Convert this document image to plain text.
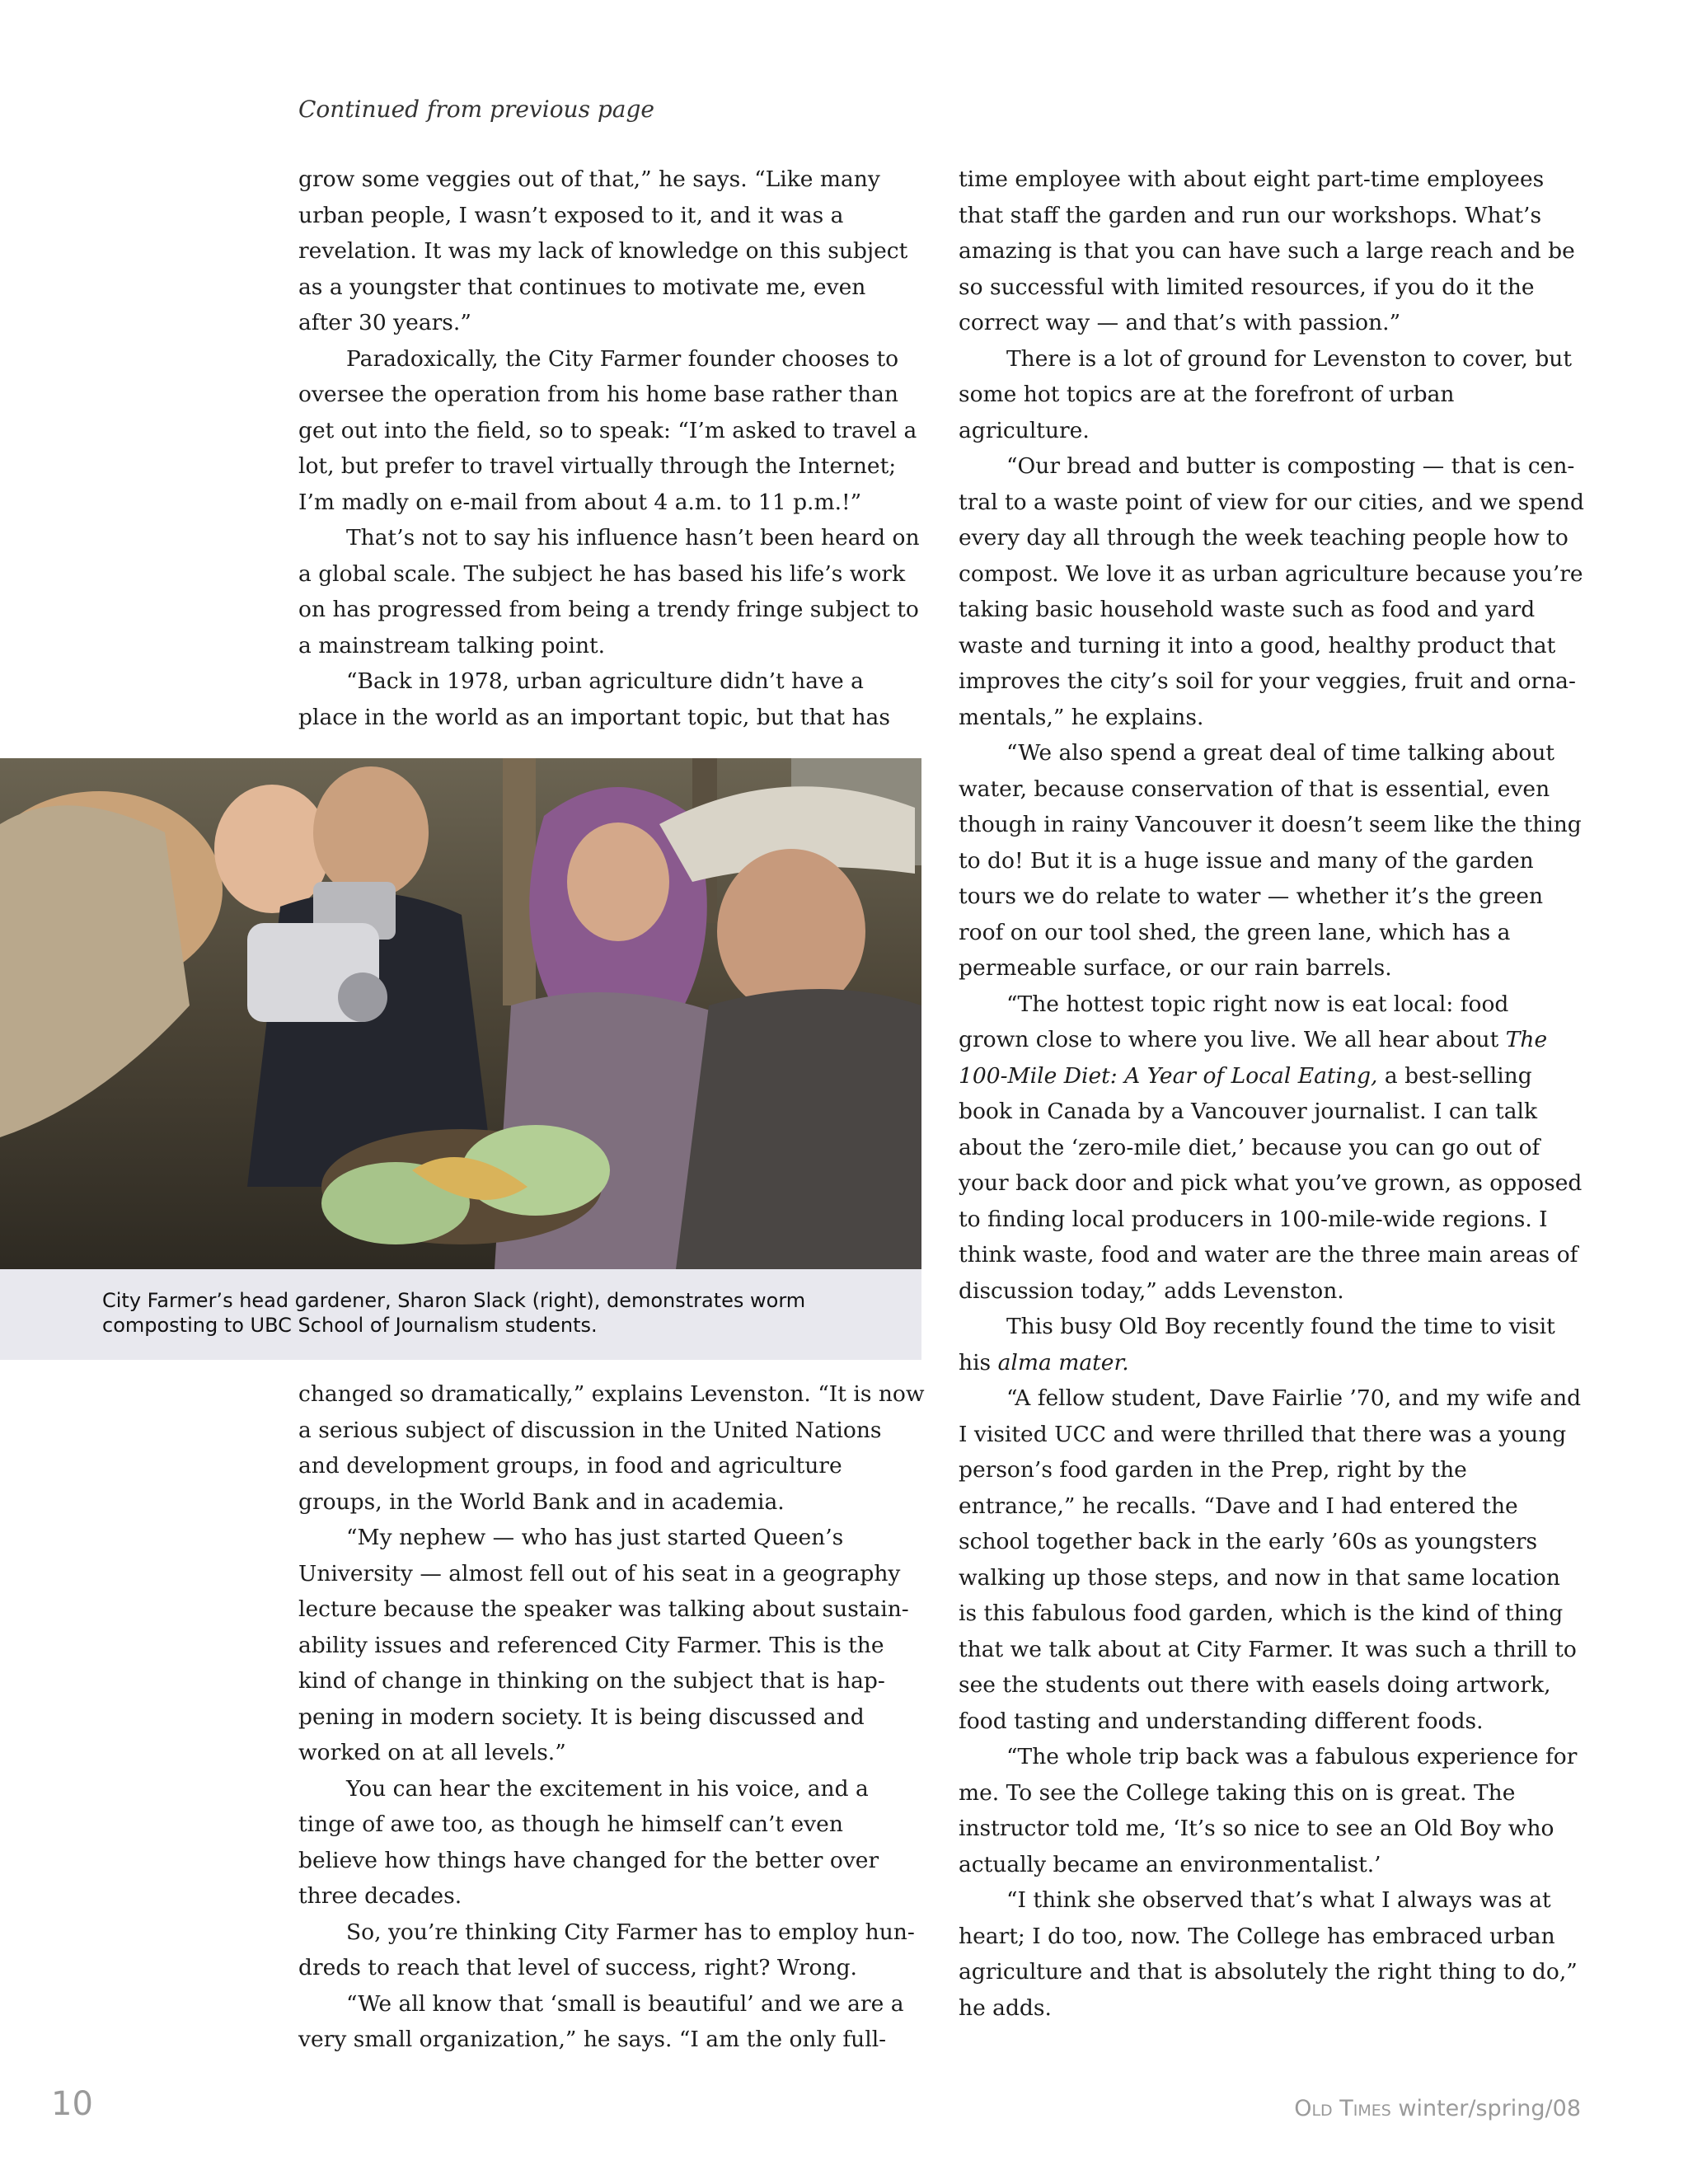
Continued from previous page

grow some veggies out of that,” he says. “Like many urban people, I wasn’t exposed to it, and it was a revelation. It was my lack of knowledge on this subject as a youngster that continues to motivate me, even after 30 years.”

Paradoxically, the City Farmer founder chooses to oversee the operation from his home base rather than get out into the field, so to speak: “I’m asked to travel a lot, but prefer to travel virtually through the Internet; I’m madly on e-mail from about 4 a.m. to 11 p.m.!”

That’s not to say his influence hasn’t been heard on a global scale. The subject he has based his life’s work on has progressed from being a trendy fringe subject to a mainstream talking point.

“Back in 1978, urban agriculture didn’t have a place in the world as an important topic, but that has

City Farmer’s head gardener, Sharon Slack (right), demonstrates worm composting to UBC School of Journalism students.

changed so dramatically,” explains Levenston. “It is now a serious subject of discussion in the United Nations and development groups, in food and agriculture groups, in the World Bank and in academia.

“My nephew — who has just started Queen’s University — almost fell out of his seat in a geography lecture because the speaker was talking about sustainability issues and referenced City Farmer. This is the kind of change in thinking on the subject that is happening in modern society. It is being discussed and worked on at all levels.”

You can hear the excitement in his voice, and a tinge of awe too, as though he himself can’t even believe how things have changed for the better over three decades.

So, you’re thinking City Farmer has to employ hundreds to reach that level of success, right? Wrong.

“We all know that ‘small is beautiful’ and we are a very small organization,” he says. “I am the only full-

time employee with about eight part-time employees that staff the garden and run our workshops. What’s amazing is that you can have such a large reach and be so successful with limited resources, if you do it the correct way — and that’s with passion.”

There is a lot of ground for Levenston to cover, but some hot topics are at the forefront of urban agriculture.

“Our bread and butter is composting — that is central to a waste point of view for our cities, and we spend every day all through the week teaching people how to compost. We love it as urban agriculture because you’re taking basic household waste such as food and yard waste and turning it into a good, healthy product that improves the city’s soil for your veggies, fruit and ornamentals,” he explains.

“We also spend a great deal of time talking about water, because conservation of that is essential, even though in rainy Vancouver it doesn’t seem like the thing to do! But it is a huge issue and many of the garden tours we do relate to water — whether it’s the green roof on our tool shed, the green lane, which has a permeable surface, or our rain barrels.

“The hottest topic right now is eat local: food grown close to where you live. We all hear about The 100-Mile Diet: A Year of Local Eating, a best-selling book in Canada by a Vancouver journalist. I can talk about the ‘zero-mile diet,’ because you can go out of your back door and pick what you’ve grown, as opposed to finding local producers in 100-mile-wide regions. I think waste, food and water are the three main areas of discussion today,” adds Levenston.

This busy Old Boy recently found the time to visit his alma mater.

“A fellow student, Dave Fairlie ’70, and my wife and I visited UCC and were thrilled that there was a young person’s food garden in the Prep, right by the entrance,” he recalls. “Dave and I had entered the school together back in the early ’60s as youngsters walking up those steps, and now in that same location is this fabulous food garden, which is the kind of thing that we talk about at City Farmer. It was such a thrill to see the students out there with easels doing artwork, food tasting and understanding different foods.

“The whole trip back was a fabulous experience for me. To see the College taking this on is great. The instructor told me, ‘It’s so nice to see an Old Boy who actually became an environmentalist.’

“I think she observed that’s what I always was at heart; I do too, now. The College has embraced urban agriculture and that is absolutely the right thing to do,” he adds.

10	Old Times winter/spring/08
